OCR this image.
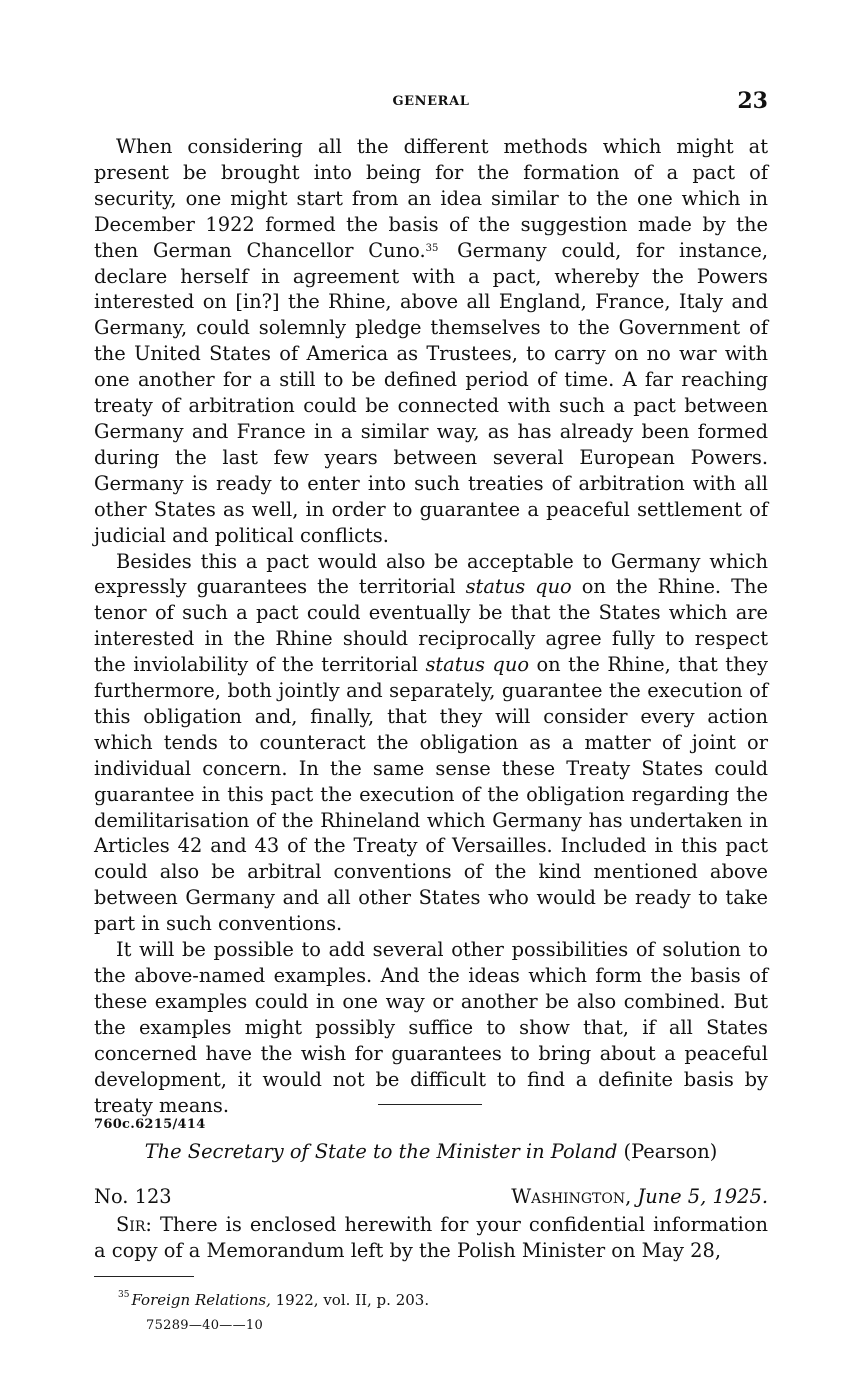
GENERAL	23

When considering all the different methods which might at present be brought into being for the formation of a pact of security, one might start from an idea similar to the one which in December 1922 formed the basis of the suggestion made by the then German Chancellor Cuno.$^{35}$ Germany could, for instance, declare herself in agreement with a pact, whereby the Powers interested on [in?] the Rhine, above all England, France, Italy and Germany, could solemnly pledge themselves to the Government of the United States of America as Trustees, to carry on no war with one another for a still to be defined period of time. A far reaching treaty of arbitration could be connected with such a pact between Germany and France in a similar way, as has already been formed during the last few years between several European Powers. Germany is ready to enter into such treaties of arbitration with all other States as well, in order to guarantee a peaceful settlement of judicial and political conflicts.

Besides this a pact would also be acceptable to Germany which expressly guarantees the territorial status quo on the Rhine. The tenor of such a pact could eventually be that the States which are interested in the Rhine should reciprocally agree fully to respect the inviolability of the territorial status quo on the Rhine, that they furthermore, both jointly and separately, guarantee the execution of this obligation and, finally, that they will consider every action which tends to counteract the obligation as a matter of joint or individual concern. In the same sense these Treaty States could guarantee in this pact the execution of the obligation regarding the demilitarisation of the Rhineland which Germany has undertaken in Articles 42 and 43 of the Treaty of Versailles. Included in this pact could also be arbitral conventions of the kind mentioned above between Germany and all other States who would be ready to take part in such conventions.

It will be possible to add several other possibilities of solution to the above-named examples. And the ideas which form the basis of these examples could in one way or another be also combined. But the examples might possibly suffice to show that, if all States concerned have the wish for guarantees to bring about a peaceful development, it would not be difficult to find a definite basis by treaty means.

760c.6215/414
The Secretary of State to the Minister in Poland (Pearson)
No. 123	Washington, June 5, 1925.

Sir: There is enclosed herewith for your confidential information a copy of a Memorandum left by the Polish Minister on May 28,

$^{35}$ Foreign Relations, 1922, vol. II, p. 203.
75289—40——10
